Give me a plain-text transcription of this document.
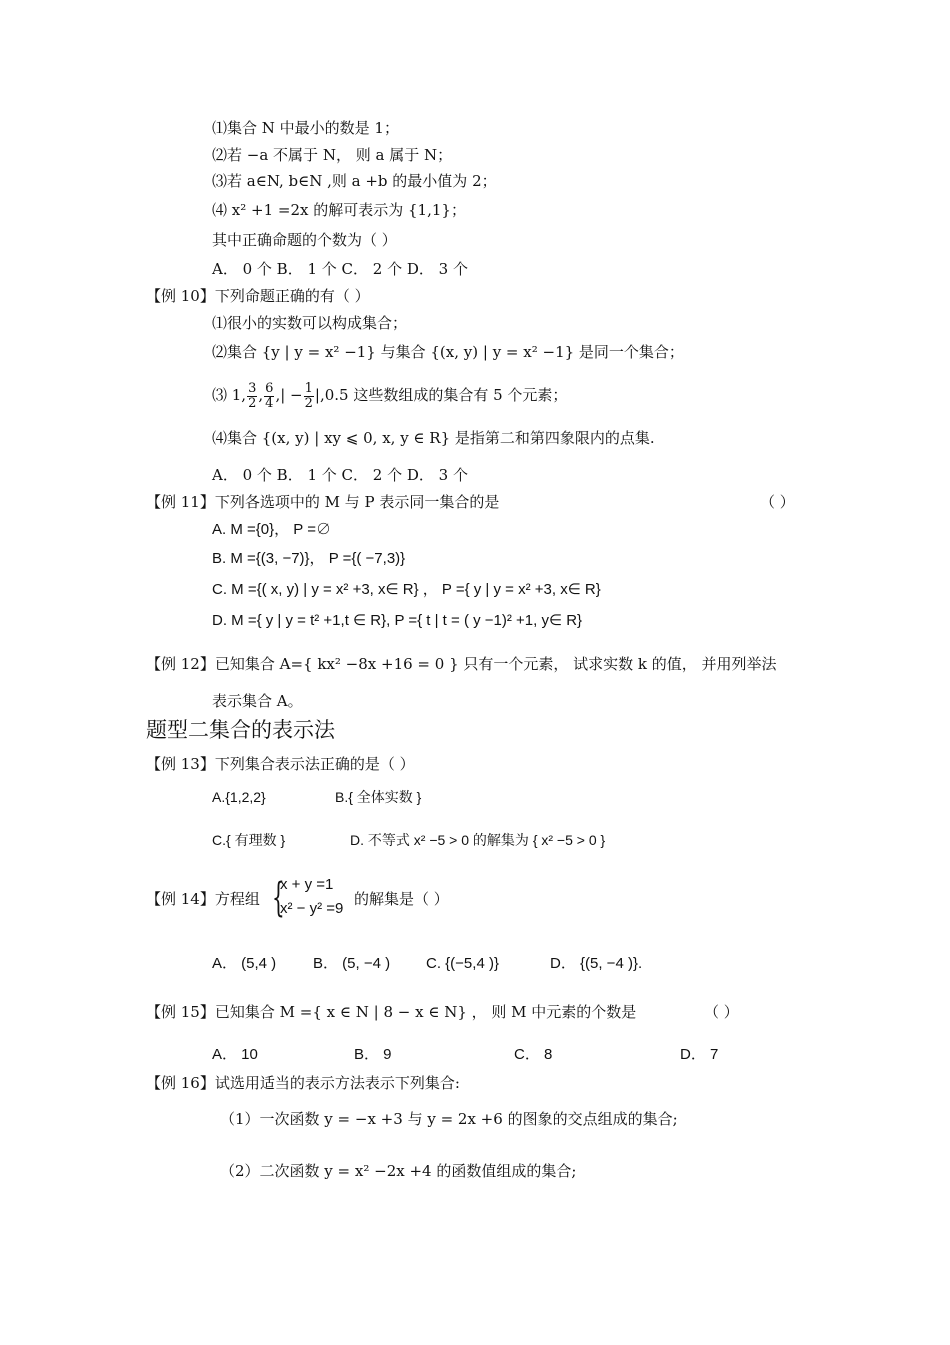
⑴集合 N 中最小的数是 1；
⑵若 −a 不属于 N， 则 a 属于 N；
⑶若 a∈N, b∈N ,则 a +b 的最小值为 2；
⑷ x² +1 =2x 的解可表示为 {1,1}；
其中正确命题的个数为（ ）
A． 0 个 B． 1 个 C． 2 个 D． 3 个
【例 10】下列命题正确的有（ ）
⑴很小的实数可以构成集合；
⑵集合 {y | y = x² −1} 与集合 {(x, y) | y = x² −1} 是同一个集合；
⑶ 1, $\frac{3}{2}$ , $\frac{6}{4}$ ,| − $\frac{1}{2} |,0.5$ 这些数组成的集合有 5 个元素；
⑷集合 {(x, y) | xy ⩽ 0, x, y ∈ R} 是指第二和第四象限内的点集.
A． 0 个 B． 1 个 C． 2 个 D． 3 个
【例 11】下列各选项中的 M 与 P 表示同一集合的是	（ ）
A. M ={0}， P =∅
B. M ={(3, −7)}， P ={( −7,3)}
C. M ={( x, y) | y = x² +3, x∈ R} ， P ={ y | y = x² +3, x∈ R}
D. M ={ y | y = t² +1,t ∈ R}, P ={ t | t = ( y −1)² +1, y∈ R}
【例 12】已知集合 A={ kx² −8x +16 = 0 } 只有一个元素， 试求实数 k 的值， 并用列举法
表示集合 A。
题型二集合的表示法
【例 13】下列集合表示法正确的是（ ）
A.{1,2,2}	B.{ 全体实数 }
C.{ 有理数 }	D. 不等式 x² −5 > 0 的解集为 { x² −5 > 0 }
【例 14】方程组 {
x + y =1
x² − y² =9
的解集是（ ）
A． (5,4 ) B． (5, −4 ) C. {(−5,4 )}	D． {(5, −4 )}.
【例 15】已知集合 M ={ x ∈ N | 8 − x ∈ N} ， 则 M 中元素的个数是	（ ）
A． 10	B． 9	C． 8	D． 7
【例 16】试选用适当的表示方法表示下列集合:
（1）一次函数 y = −x +3 与 y = 2x +6 的图象的交点组成的集合;
（2）二次函数 y = x² −2x +4 的函数值组成的集合;
